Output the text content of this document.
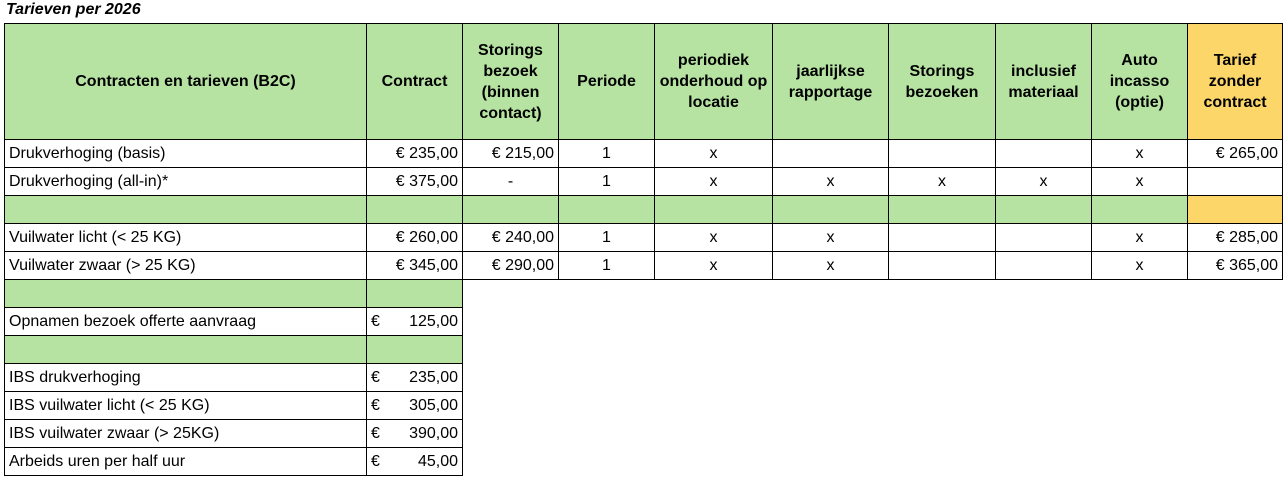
Tarieven per 2026
Contracten en tarieven (B2C)	Contract	Storings bezoek (binnen contact)	Periode	periodiek onderhoud op locatie	jaarlijkse rapportage	Storings bezoeken	inclusief materiaal	Auto incasso (optie)	Tarief zonder contract
Drukverhoging (basis)	€ 235,00	€ 215,00	1	x				x	€ 265,00
Drukverhoging (all-in)*	€ 375,00	-	1	x	x	x	x	x	

Vuilwater licht (< 25 KG)	€ 260,00	€ 240,00	1	x	x			x	€ 285,00
Vuilwater zwaar (> 25 KG)	€ 345,00	€ 290,00	1	x	x			x	€ 365,00

Opnamen bezoek offerte aanvraag	€ 125,00								

IBS drukverhoging	€ 235,00								

IBS vuilwater licht (< 25 KG)	€ 305,00								

IBS vuilwater zwaar (> 25KG)	€ 390,00								

Arbeids uren per half uur	€ 45,00								
